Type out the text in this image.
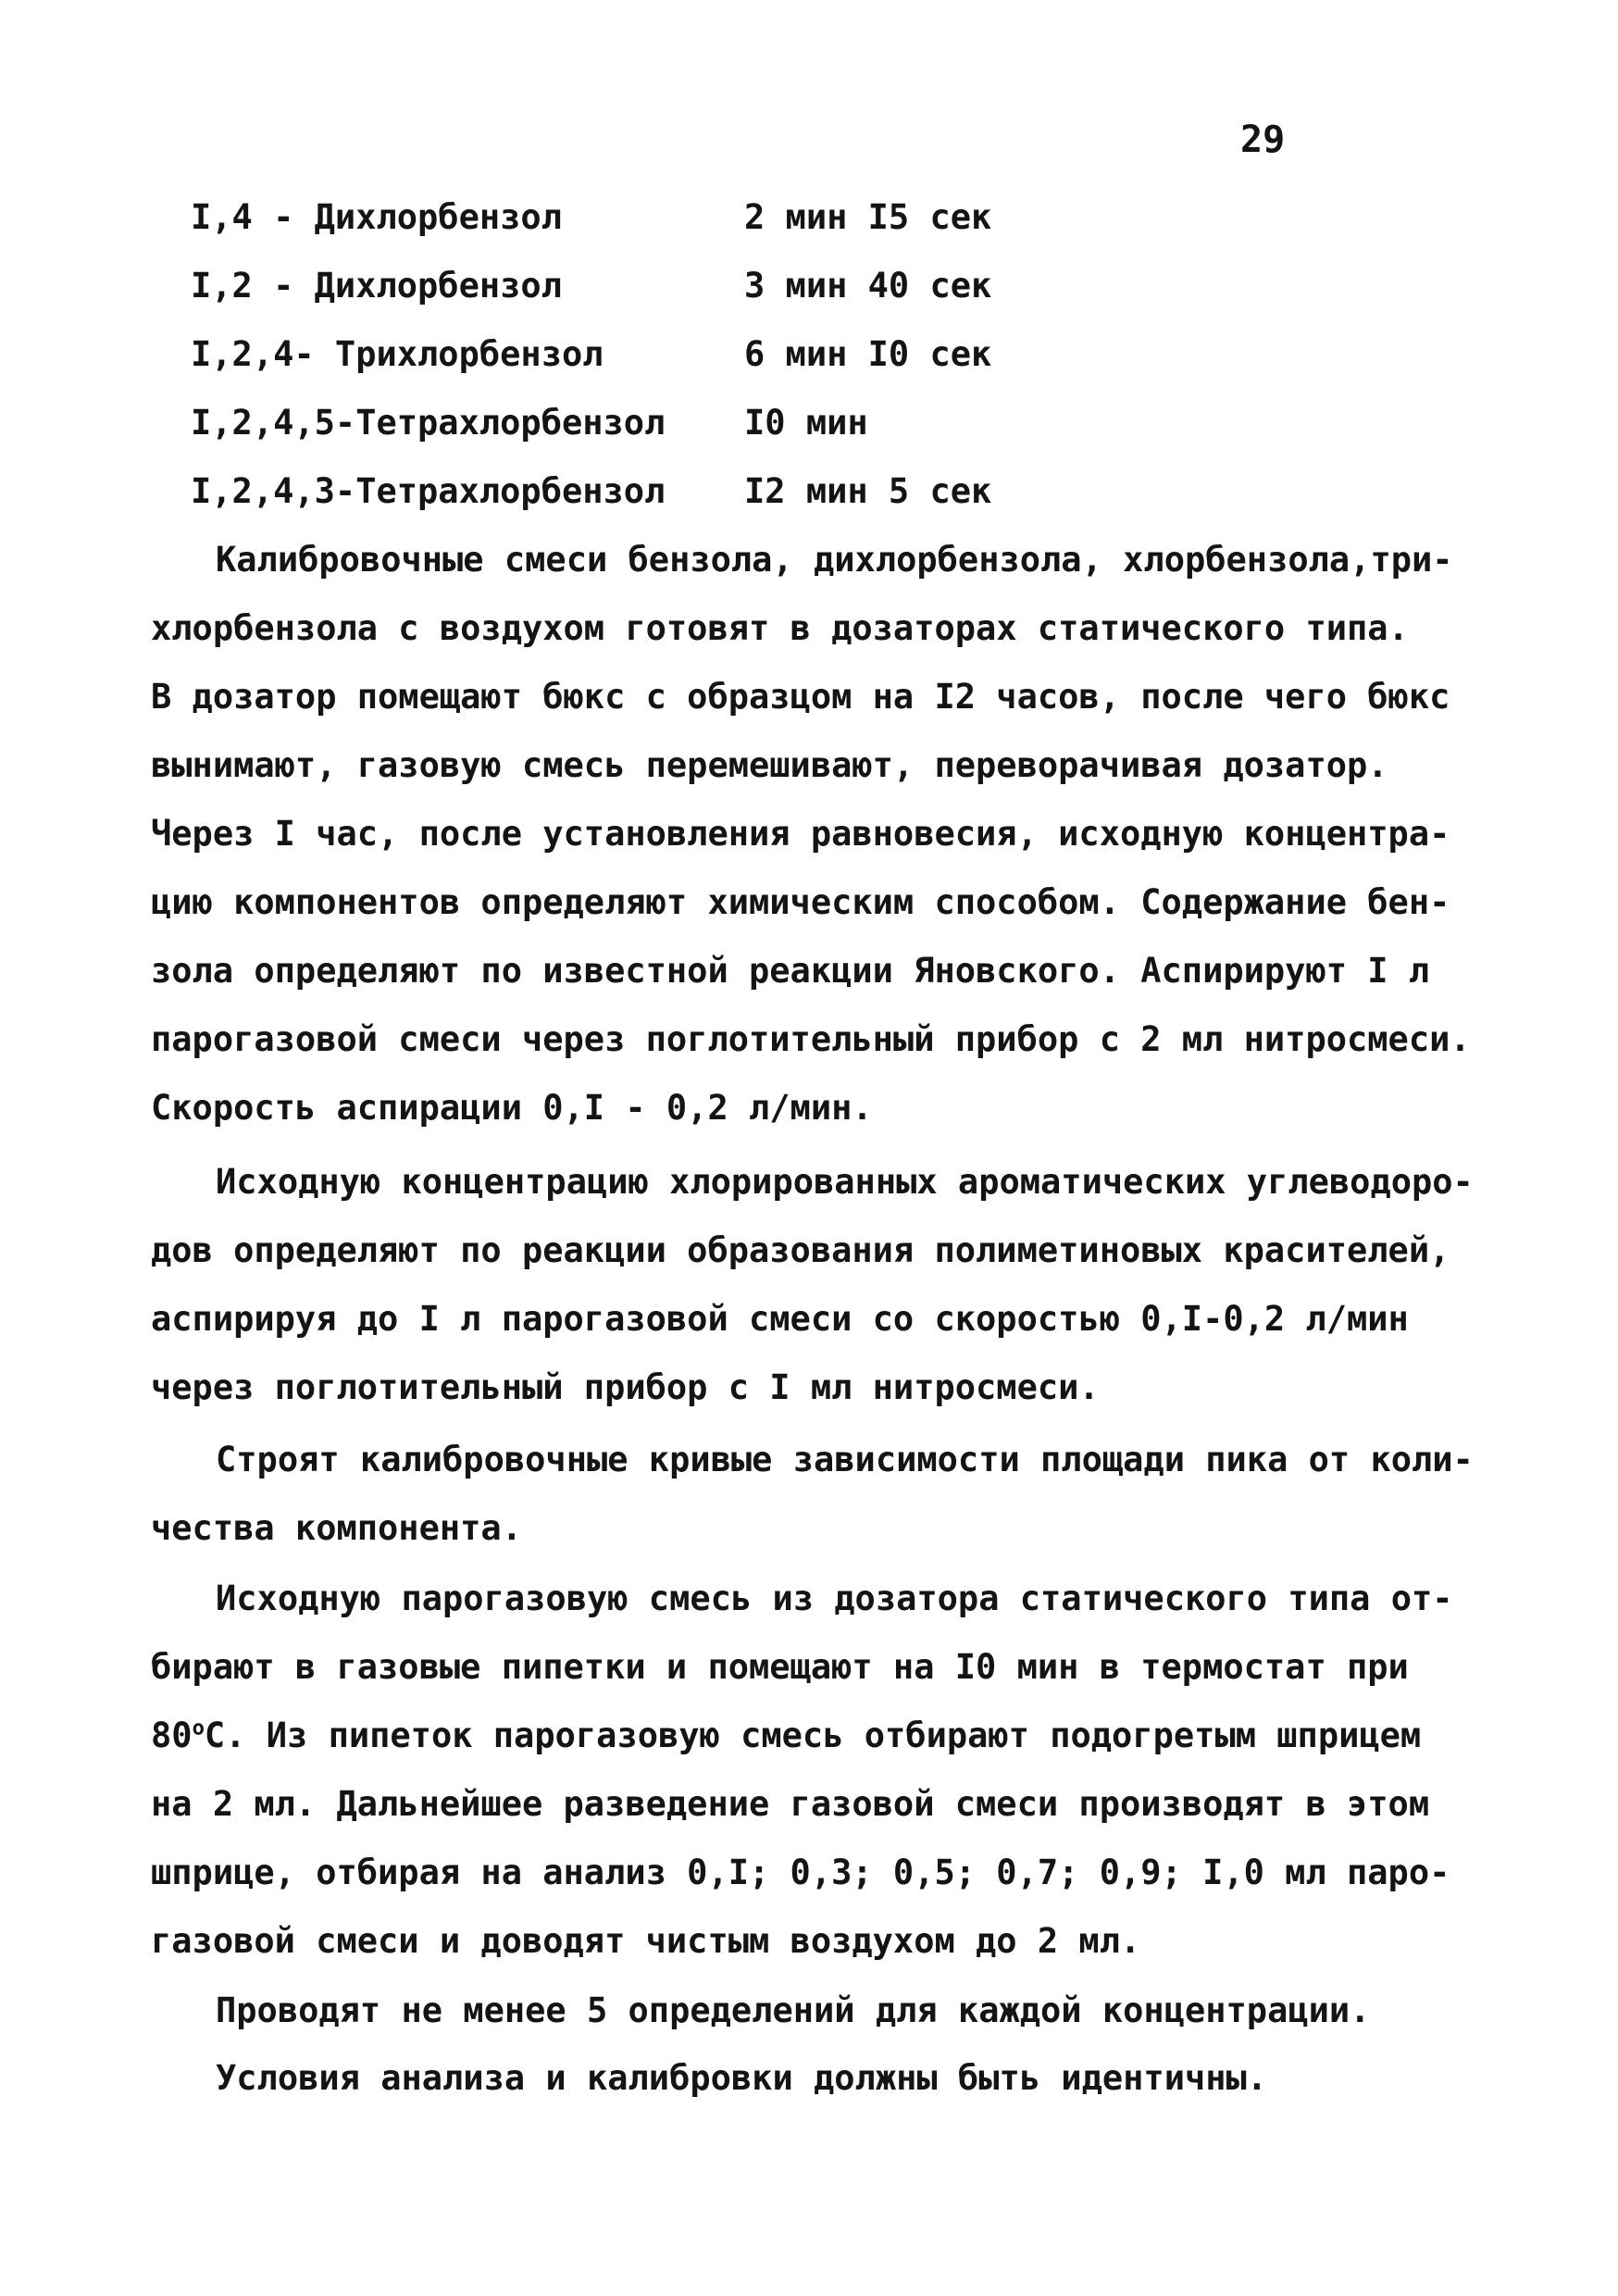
29
I,4 - Дихлорбензол	2 мин I5 сек
I,2 - Дихлорбензол	3 мин 40 сек
I,2,4- Трихлорбензол	6 мин I0 сек
I,2,4,5-Тетрахлорбензол I0 мин
I,2,4,3-Тетрахлорбензол I2 мин 5 сек
Калибровочные смеси бензола, дихлорбензола, хлорбензола,три-
хлорбензола с воздухом готовят в дозаторах статического типа.
В дозатор помещают бюкс с образцом на I2 часов, после чего бюкс
вынимают, газовую смесь перемешивают, переворачивая дозатор.
Через I час, после установления равновесия, исходную концентра-
цию компонентов определяют химическим способом. Содержание бен-
зола определяют по известной реакции Яновского. Аспирируют I л
парогазовой смеси через поглотительный прибор с 2 мл нитросмеси.
Скорость аспирации 0,I - 0,2 л/мин.
Исходную концентрацию хлорированных ароматических углеводоро-
дов определяют по реакции образования полиметиновых красителей,
аспирируя до I л парогазовой смеси со скоростью 0,I-0,2 л/мин
через поглотительный прибор с I мл нитросмеси.
Строят калибровочные кривые зависимости площади пика от коли-
чества компонента.
Исходную парогазовую смесь из дозатора статического типа от-
бирают в газовые пипетки и помещают на I0 мин в термостат при
80$^o$С. Из пипеток парогазовую смесь отбирают подогретым шприцем
на 2 мл. Дальнейшее разведение газовой смеси производят в этом
шприце, отбирая на анализ 0,I; 0,3; 0,5; 0,7; 0,9; I,0 мл паро-
газовой смеси и доводят чистым воздухом до 2 мл.
Проводят не менее 5 определений для каждой концентрации.
Условия анализа и калибровки должны быть идентичны.
